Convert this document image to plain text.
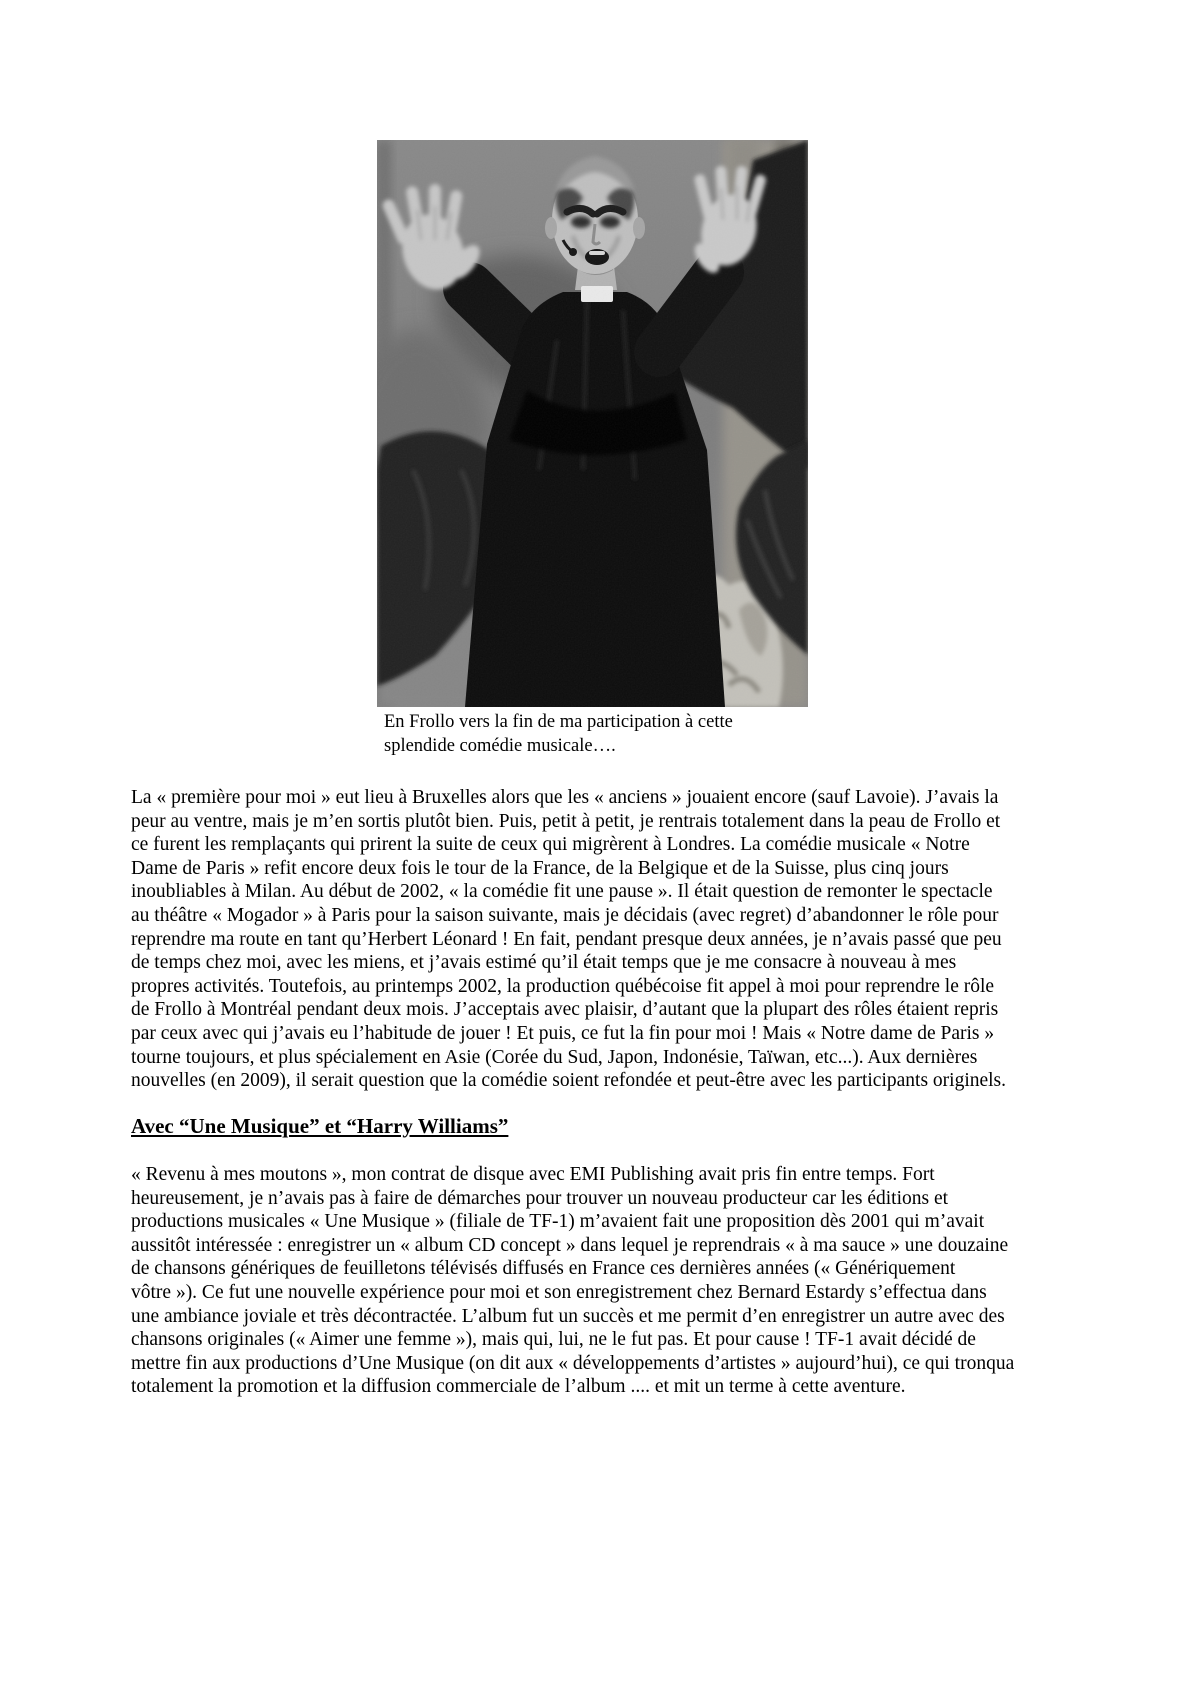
En Frollo vers la fin de ma participation à cette
splendide comédie musicale….

La « première pour moi » eut lieu à Bruxelles alors que les « anciens » jouaient encore (sauf Lavoie). J’avais la
peur au ventre, mais je m’en sortis plutôt bien. Puis, petit à petit, je rentrais totalement dans la peau de Frollo et
ce furent les remplaçants qui prirent la suite de ceux qui migrèrent à Londres. La comédie musicale « Notre
Dame de Paris » refit encore deux fois le tour de la France, de la Belgique et de la Suisse, plus cinq jours
inoubliables à Milan. Au début de 2002, « la comédie fit une pause ». Il était question de remonter le spectacle
au théâtre « Mogador » à Paris pour la saison suivante, mais je décidais (avec regret) d’abandonner le rôle pour
reprendre ma route en tant qu’Herbert Léonard ! En fait, pendant presque deux années, je n’avais passé que peu
de temps chez moi, avec les miens, et j’avais estimé qu’il était temps que je me consacre à nouveau à mes
propres activités. Toutefois, au printemps 2002, la production québécoise fit appel à moi pour reprendre le rôle
de Frollo à Montréal pendant deux mois. J’acceptais avec plaisir, d’autant que la plupart des rôles étaient repris
par ceux avec qui j’avais eu l’habitude de jouer ! Et puis, ce fut la fin pour moi ! Mais « Notre dame de Paris »
tourne toujours, et plus spécialement en Asie (Corée du Sud, Japon, Indonésie, Taïwan, etc...). Aux dernières
nouvelles (en 2009), il serait question que la comédie soient refondée et peut-être avec les participants originels.

Avec “Une Musique” et “Harry Williams”

« Revenu à mes moutons », mon contrat de disque avec EMI Publishing avait pris fin entre temps. Fort
heureusement, je n’avais pas à faire de démarches pour trouver un nouveau producteur car les éditions et
productions musicales « Une Musique » (filiale de TF-1) m’avaient fait une proposition dès 2001 qui m’avait
aussitôt intéressée : enregistrer un « album CD concept » dans lequel je reprendrais « à ma sauce » une douzaine
de chansons génériques de feuilletons télévisés diffusés en France ces dernières années (« Génériquement
vôtre »). Ce fut une nouvelle expérience pour moi et son enregistrement chez Bernard Estardy s’effectua dans
une ambiance joviale et très décontractée. L’album fut un succès et me permit d’en enregistrer un autre avec des
chansons originales (« Aimer une femme »), mais qui, lui, ne le fut pas. Et pour cause ! TF-1 avait décidé de
mettre fin aux productions d’Une Musique (on dit aux « développements d’artistes » aujourd’hui), ce qui tronqua
totalement la promotion et la diffusion commerciale de l’album .... et mit un terme à cette aventure.
